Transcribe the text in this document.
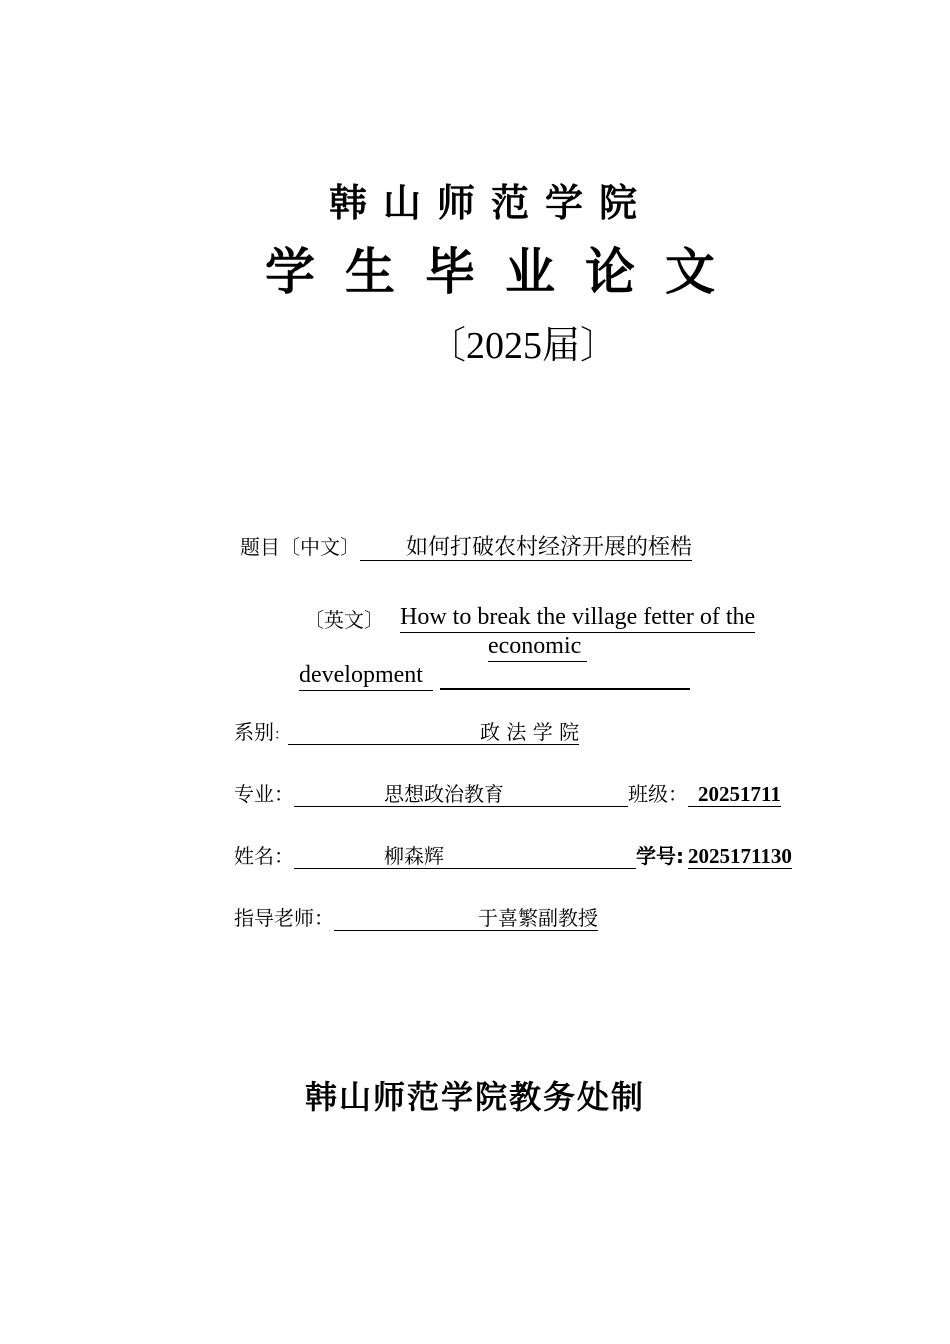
韩山师范学院
学生毕业论文
〔2025届〕
题目〔中文〕 如何打破农村经济开展的桎梏
〔英文〕 How to break the village fetter of the
economic
development
系别：	政 法 学 院
专业：	思想政治教育	班级： 20251711
姓名：	柳森辉	学号: 2025171130
指导老师：	于喜繁副教授
韩山师范学院教务处制
